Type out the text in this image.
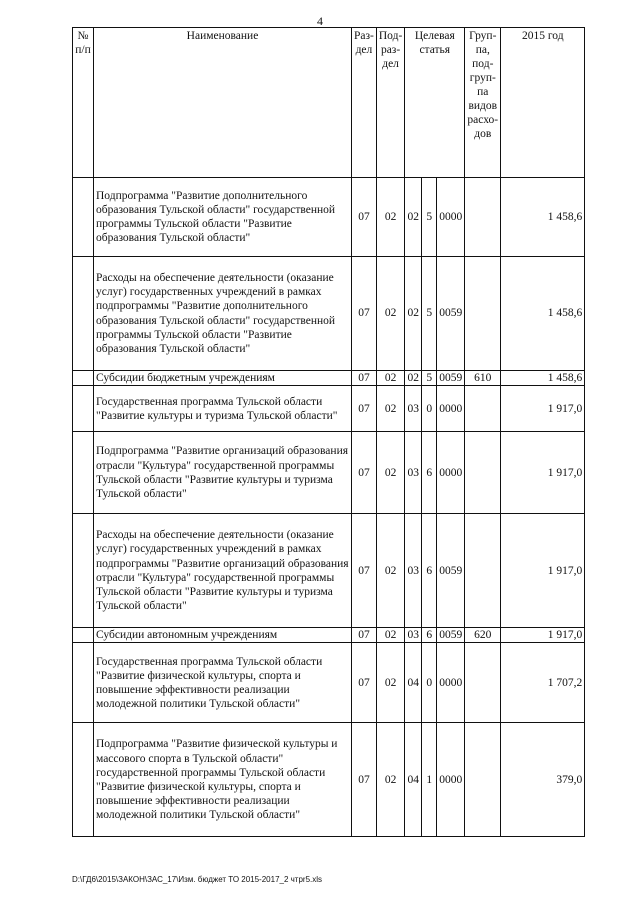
4
№ п/п	Наименование	Раз-дел	Под-раз-дел	Целевая статья			Груп-па, под-груп-па видов расхо-дов	2015 год
	Подпрограмма "Развитие дополнительного образования Тульской области" государственной программы Тульской области "Развитие образования Тульской области"	07	02	02	5	0000		1 458,6
	Расходы на обеспечение деятельности (оказание услуг) государственных учреждений в рамках подпрограммы "Развитие дополнительного образования Тульской области" государственной программы Тульской области "Развитие образования Тульской области"	07	02	02	5	0059		1 458,6
	Субсидии бюджетным учреждениям	07	02	02	5	0059	610	1 458,6
	Государственная программа Тульской области "Развитие культуры и туризма Тульской области"	07	02	03	0	0000		1 917,0
	Подпрограмма "Развитие организаций образования отрасли "Культура" государственной программы Тульской области "Развитие культуры и туризма Тульской области"	07	02	03	6	0000		1 917,0
	Расходы на обеспечение деятельности (оказание услуг) государственных учреждений в рамках подпрограммы "Развитие организаций образования отрасли "Культура" государственной программы Тульской области "Развитие культуры и туризма Тульской области"	07	02	03	6	0059		1 917,0
	Субсидии автономным учреждениям	07	02	03	6	0059	620	1 917,0
	Государственная программа Тульской области "Развитие физической культуры, спорта и повышение эффективности реализации молодежной политики Тульской области"	07	02	04	0	0000		1 707,2
	Подпрограмма "Развитие физической культуры и массового спорта в Тульской области" государственной программы Тульской области "Развитие физической культуры, спорта и повышение эффективности реализации молодежной политики Тульской области"	07	02	04	1	0000		379,0
D:\ГД6\2015\ЗАКОН\ЗАС_17\Изм. бюджет ТО 2015-2017_2 чтpr5.xls
